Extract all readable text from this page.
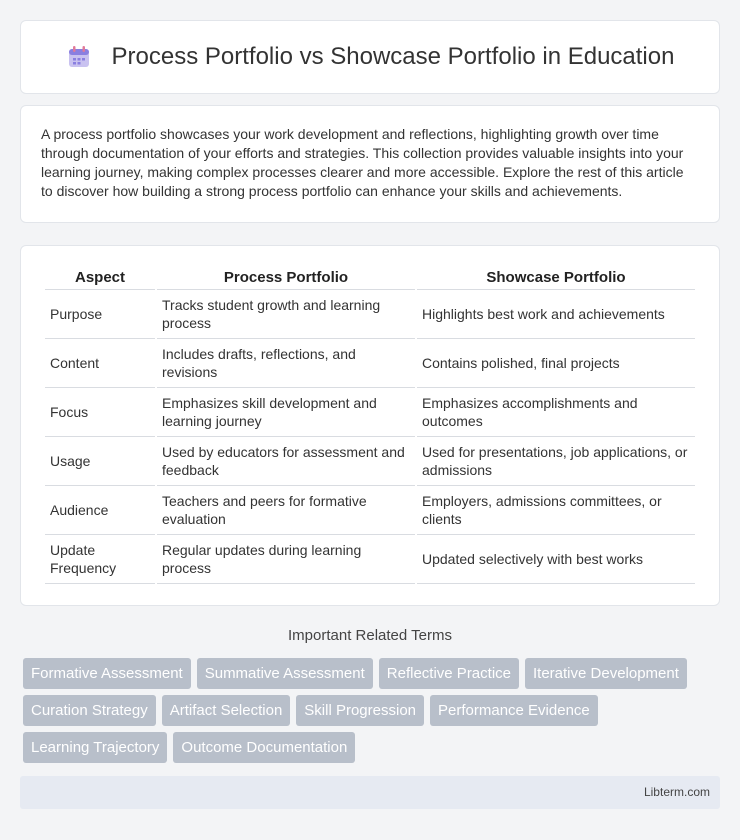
Process Portfolio vs Showcase Portfolio in Education

A process portfolio showcases your work development and reflections, highlighting growth over time through documentation of your efforts and strategies. This collection provides valuable insights into your learning journey, making complex processes clearer and more accessible. Explore the rest of this article to discover how building a strong process portfolio can enhance your skills and achievements.

Aspect	Process Portfolio	Showcase Portfolio
Purpose	Tracks student growth and learning process	Highlights best work and achievements
Content	Includes drafts, reflections, and revisions	Contains polished, final projects
Focus	Emphasizes skill development and learning journey	Emphasizes accomplishments and outcomes
Usage	Used by educators for assessment and feedback	Used for presentations, job applications, or admissions
Audience	Teachers and peers for formative evaluation	Employers, admissions committees, or clients
Update Frequency	Regular updates during learning process	Updated selectively with best works
Important Related Terms
Formative Assessment	Summative Assessment	Reflective Practice	Iterative Development
Curation Strategy	Artifact Selection	Skill Progression	Performance Evidence
Learning Trajectory	Outcome Documentation
Libterm.com
